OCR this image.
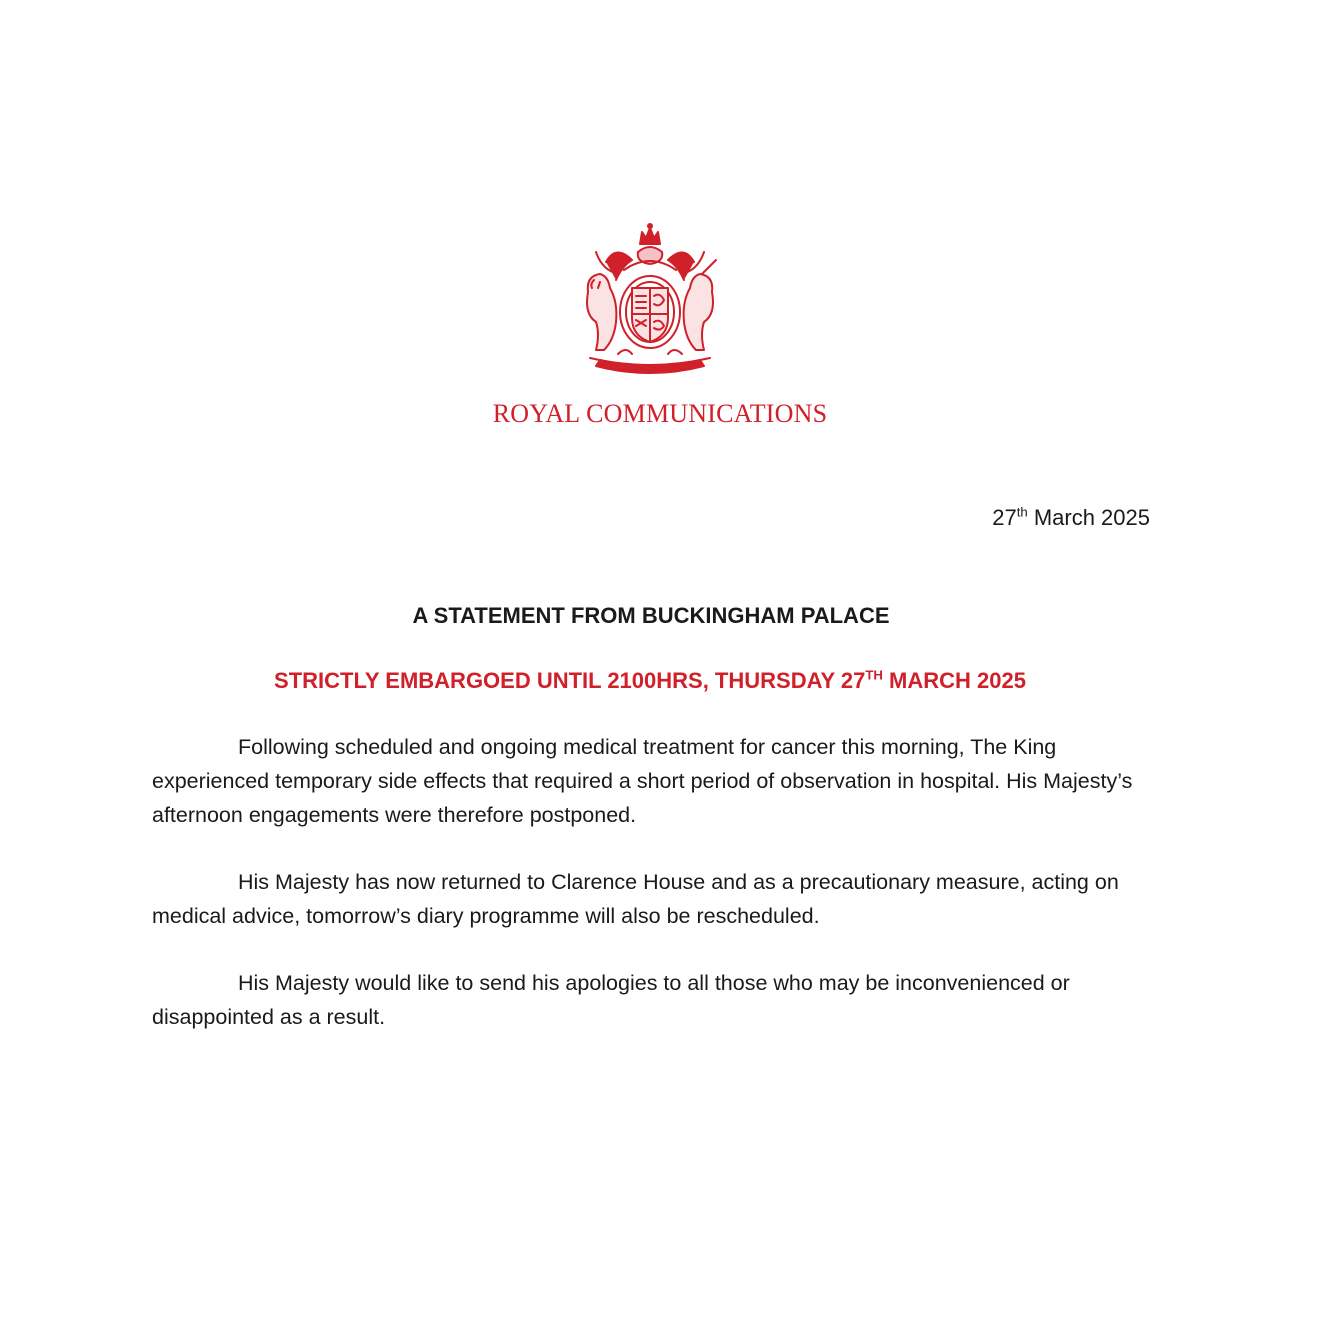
ROYAL COMMUNICATIONS
27th March 2025
A STATEMENT FROM BUCKINGHAM PALACE
STRICTLY EMBARGOED UNTIL 2100HRS, THURSDAY 27TH MARCH 2025

Following scheduled and ongoing medical treatment for cancer this morning, The King experienced temporary side effects that required a short period of observation in hospital. His Majesty’s afternoon engagements were therefore postponed.

His Majesty has now returned to Clarence House and as a precautionary measure, acting on medical advice, tomorrow’s diary programme will also be rescheduled.

His Majesty would like to send his apologies to all those who may be inconvenienced or disappointed as a result.
